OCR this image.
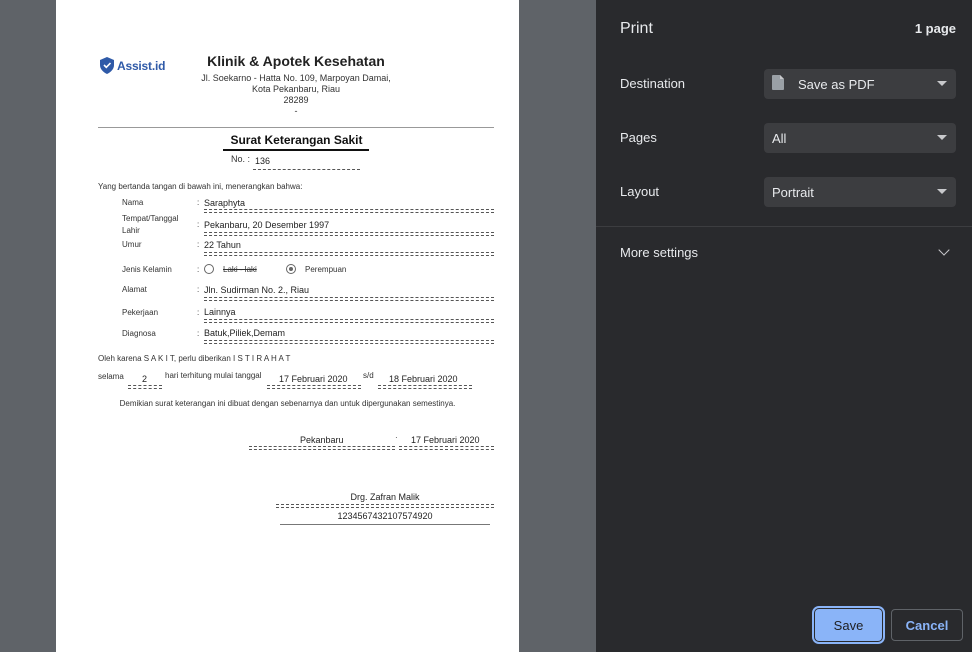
Assist.id	Klinik & Apotek Kesehatan
Jl. Soekarno - Hatta No. 109, Marpoyan Damai,
Kota Pekanbaru, Riau
28289
-
Surat Keterangan Sakit
No. : 136
Yang bertanda tangan di bawah ini, menerangkan bahwa:
Nama	: Saraphyta
Tempat/Tanggal
Lahir
: Pekanbaru, 20 Desember 1997
Umur	: 22 Tahun
Jenis Kelamin	:	Laki - laki	Perempuan
Alamat	: Jln. Sudirman No. 2., Riau
Pekerjaan	: Lainnya
Diagnosa	: Batuk,Piliek,Demam
Oleh karena S A K I T, perlu diberikan I S T I R A H A T
selama 2 hari terhitung mulai tanggal 17 Februari 2020 s/d 18 Februari 2020
Demikian surat keterangan ini dibuat dengan sebenarnya dan untuk dipergunakan semestinya.
Pekanbaru	· 17 Februari 2020
Drg. Zafran Malik
1234567432107574920
Print	1 page
Destination	Save as PDF
Pages	All
Layout	Portrait
More settings
Save	Cancel
